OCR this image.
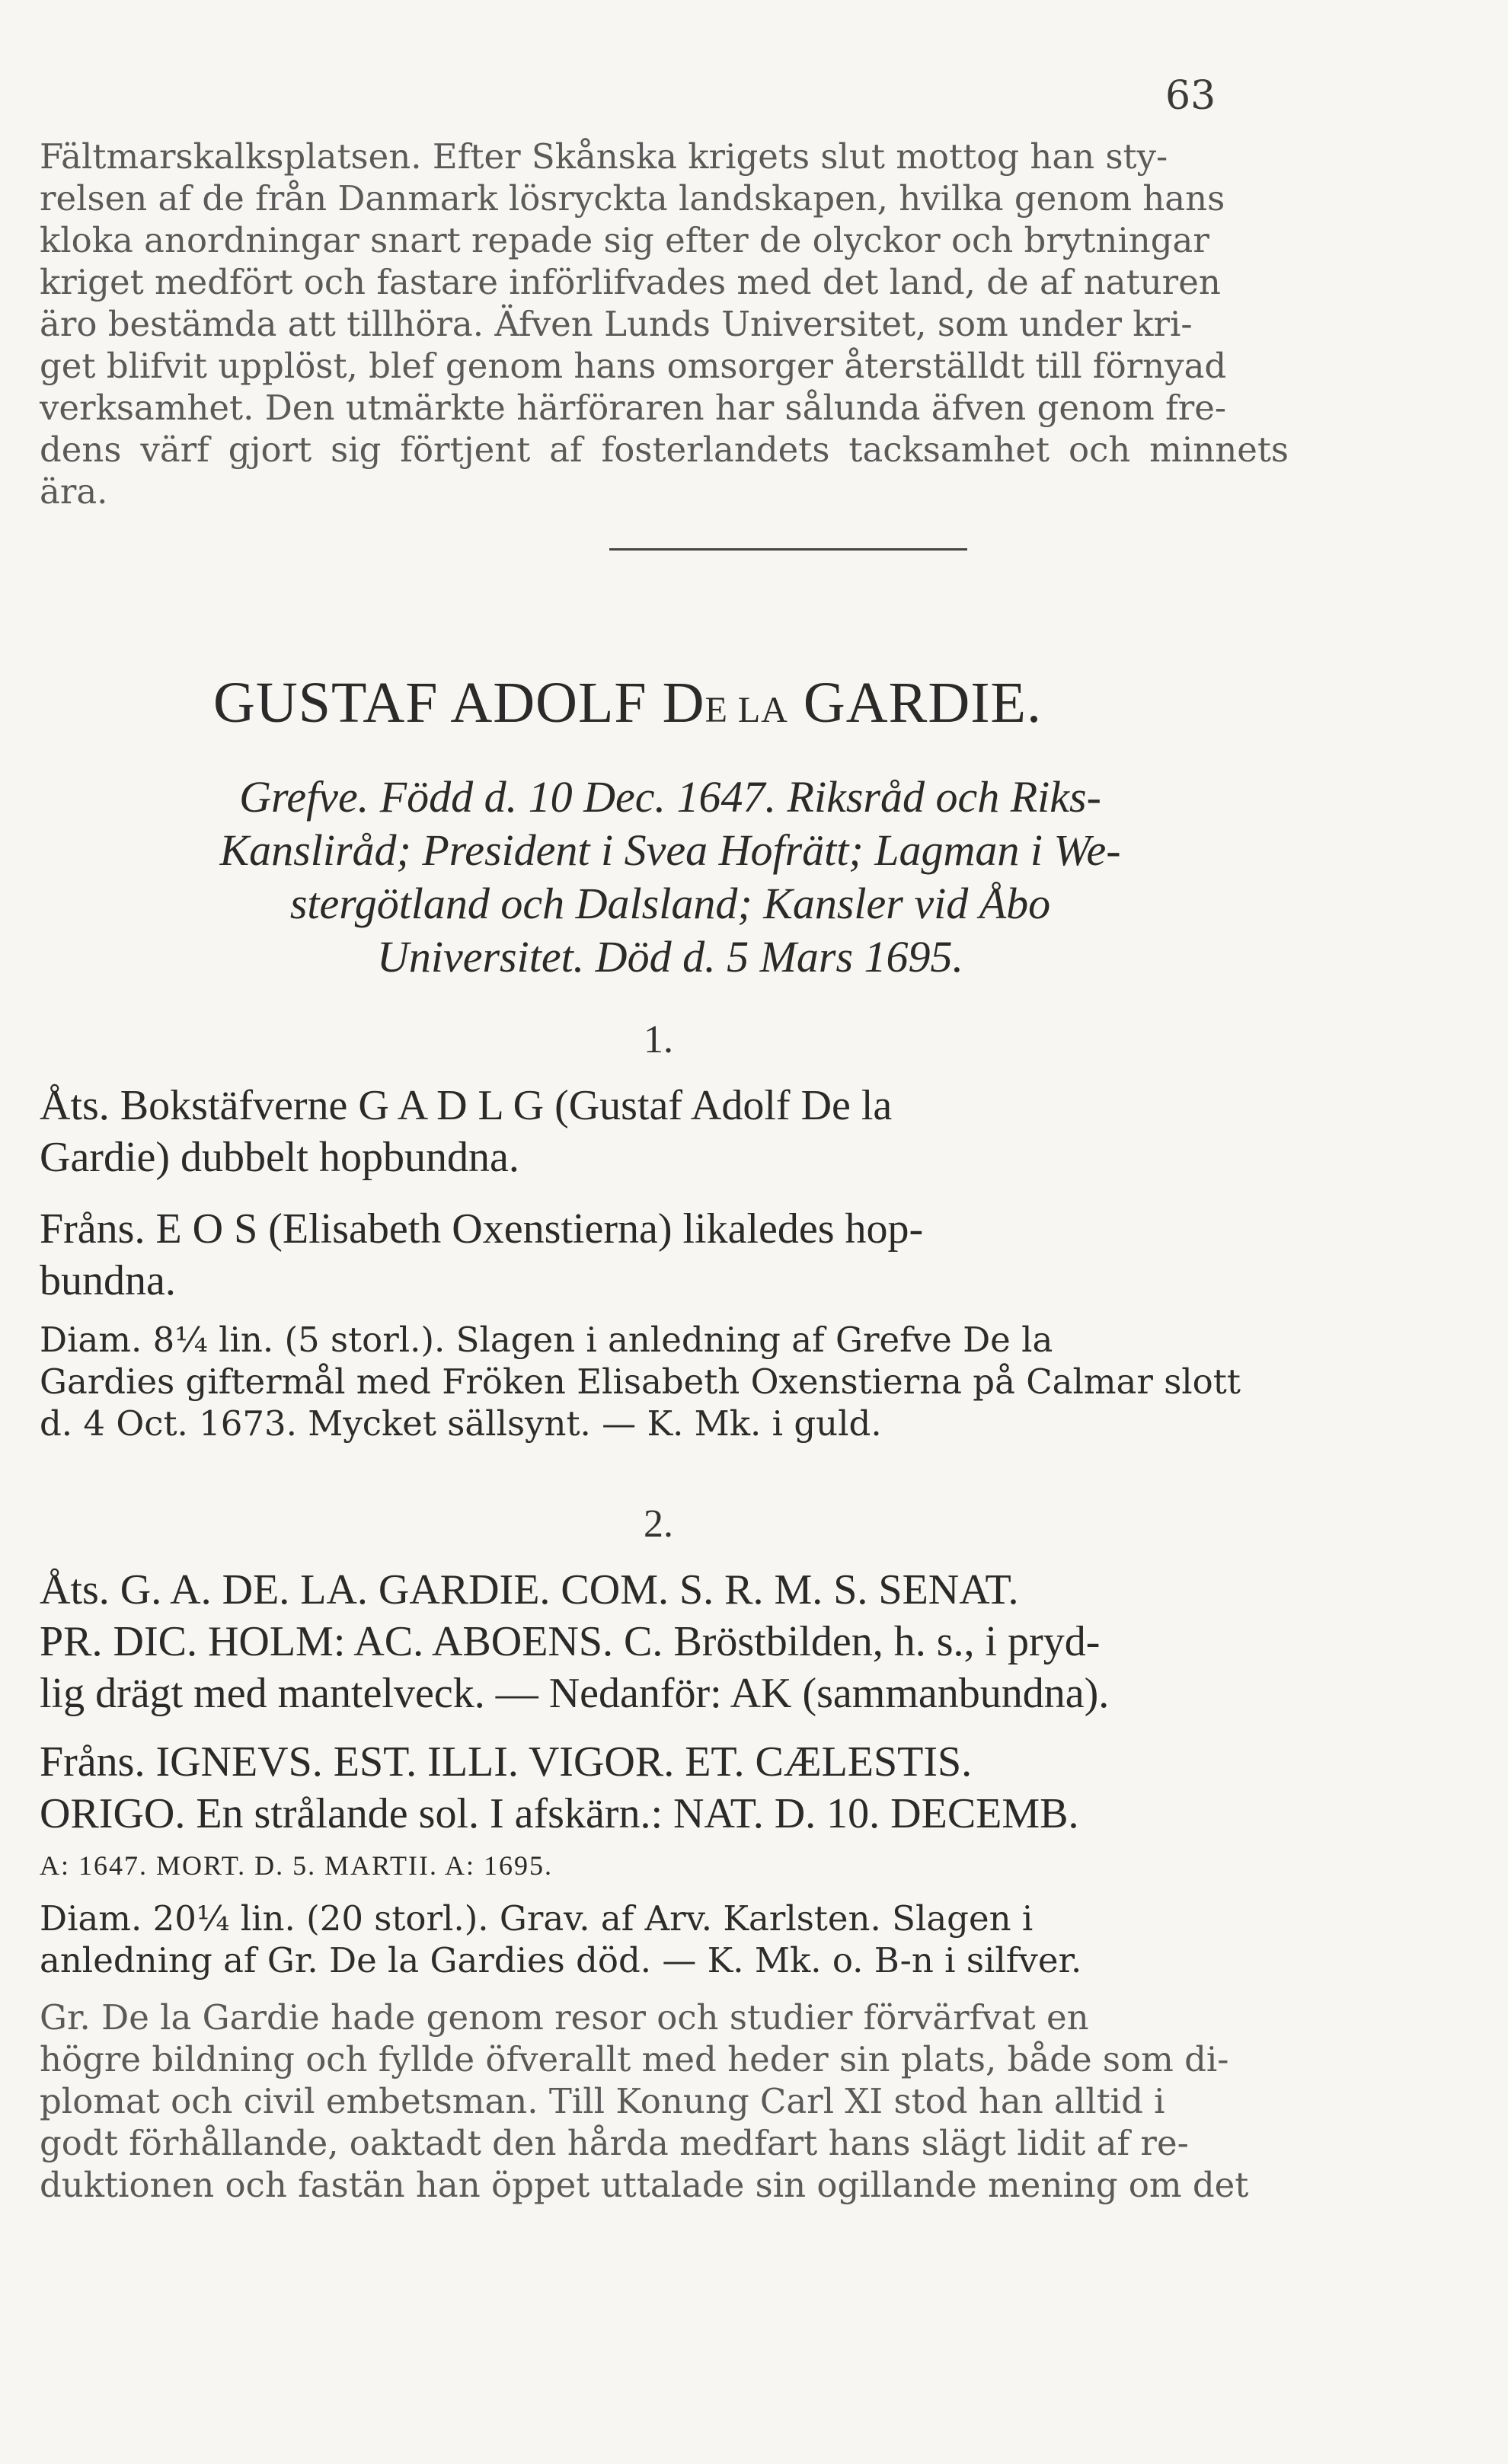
63
Fältmarskalksplatsen. Efter Skånska krigets slut mottog han sty-
relsen af de från Danmark lösryckta landskapen, hvilka genom hans
kloka anordningar snart repade sig efter de olyckor och brytningar
kriget medfört och fastare införlifvades med det land, de af naturen
äro bestämda att tillhöra. Äfven Lunds Universitet, som under kri-
get blifvit upplöst, blef genom hans omsorger återställdt till förnyad
verksamhet. Den utmärkte härföraren har sålunda äfven genom fre-
dens värf gjort sig förtjent af fosterlandets tacksamhet och minnets ära.
GUSTAF ADOLF DE LA GARDIE.
Grefve. Född d. 10 Dec. 1647. Riksråd och Riks-
Kansliråd; President i Svea Hofrätt; Lagman i We-
stergötland och Dalsland; Kansler vid Åbo
Universitet. Död d. 5 Mars 1695.
1.
Åts. Bokstäfverne G A D L G (Gustaf Adolf De la
Gardie) dubbelt hopbundna.
Fråns. E O S (Elisabeth Oxenstierna) likaledes hop-
bundna.
Diam. 8¼ lin. (5 storl.). Slagen i anledning af Grefve De la
Gardies giftermål med Fröken Elisabeth Oxenstierna på Calmar slott
d. 4 Oct. 1673. Mycket sällsynt. — K. Mk. i guld.
2.
Åts. G. A. DE. LA. GARDIE. COM. S. R. M. S. SENAT.
PR. DIC. HOLM: AC. ABOENS. C. Bröstbilden, h. s., i pryd-
lig drägt med mantelveck. — Nedanför: AK (sammanbundna).
Fråns. IGNEVS. EST. ILLI. VIGOR. ET. CÆLESTIS.
ORIGO. En strålande sol. I afskärn.: NAT. D. 10. DECEMB.
A: 1647. MORT. D. 5. MARTII. A: 1695.
Diam. 20¼ lin. (20 storl.). Grav. af Arv. Karlsten. Slagen i
anledning af Gr. De la Gardies död. — K. Mk. o. B-n i silfver.
Gr. De la Gardie hade genom resor och studier förvärfvat en
högre bildning och fyllde öfverallt med heder sin plats, både som di-
plomat och civil embetsman. Till Konung Carl XI stod han alltid i
godt förhållande, oaktadt den hårda medfart hans slägt lidit af re-
duktionen och fastän han öppet uttalade sin ogillande mening om det
